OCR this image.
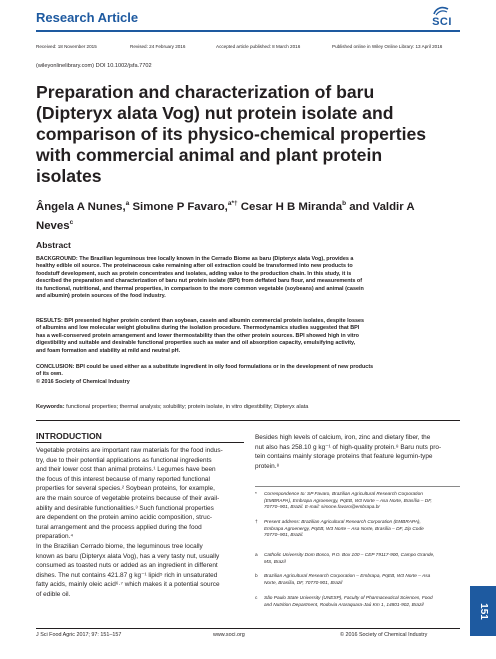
Research Article	SCI
Received: 18 November 2015	Revised: 24 February 2016	Accepted article published: 8 March 2016	Published online in Wiley Online Library: 13 April 2016
(wileyonlinelibrary.com) DOI 10.1002/jsfa.7702
Preparation and characterization of baru
(Dipteryx alata Vog) nut protein isolate and
comparison of its physico-chemical properties
with commercial animal and plant protein
isolates
Ângela A Nunes,$^a$ Simone P Favaro,$^{a*\dagger}$ Cesar H B Miranda$^b$ and Valdir A
Neves$^c$
Abstract
BACKGROUND: The Brazilian leguminous tree locally known in the Cerrado Biome as baru (Dipteryx alata Vog), provides a
healthy edible oil source. The proteinaceous cake remaining after oil extraction could be transformed into new products to
foodstuff development, such as protein concentrates and isolates, adding value to the production chain. In this study, it is
described the preparation and characterization of baru nut protein isolate (BPI) from deffated baru flour, and measurements of
its functional, nutritional, and thermal properties, in comparison to the more common vegetable (soybeans) and animal (casein
and albumin) protein sources of the food industry.
RESULTS: BPI presented higher protein content than soybean, casein and albumin commercial protein isolates, despite losses
of albumins and low molecular weight globulins during the isolation procedure. Thermodynamics studies suggested that BPI
has a well-conserved protein arrangement and lower thermostability than the other protein sources. BPI showed high in vitro
digestibility and suitable and desirable functional properties such as water and oil absorption capacity, emulsifying activity,
and foam formation and stability at mild and neutral pH.
CONCLUSION: BPI could be used either as a substitute ingredient in oily food formulations or in the development of new products
of its own.
© 2016 Society of Chemical Industry
Keywords: functional properties; thermal analysis; solubility; protein isolate, in vitro digestibility; Dipteryx alata
INTRODUCTION
Vegetable proteins are important raw materials for the food indus-
try, due to their potential applications as functional ingredients
and their lower cost than animal proteins.¹ Legumes have been
the focus of this interest because of many reported functional
properties for several species.² Soybean proteins, for example,
are the main source of vegetable proteins because of their avail-
ability and desirable functionalities.³ Such functional properties
are dependent on the protein amino acidic composition, struc-
tural arrangement and the process applied during the food
preparation.⁴
In the Brazilian Cerrado biome, the leguminous tree locally
known as baru (Dipteryx alata Vog), has a very tasty nut, usually
consumed as toasted nuts or added as an ingredient in different
dishes. The nut contains 421.87 g kg⁻¹ lipid⁵ rich in unsaturated
fatty acids, mainly oleic acid⁶·⁷ which makes it a potential source
of edible oil.
Besides high levels of calcium, iron, zinc and dietary fiber, the
nut also has 258.10 g kg⁻¹ of high-quality protein.⁸ Baru nuts pro-
tein contains mainly storage proteins that feature legumin-type
protein.⁸
* Correspondence to: SP Favaro, Brazilian Agricultural Research Corporation
(EMBRAPA), Embrapa Agroenergy, PqEB, W3 Norte – Asa Norte, Brasília – DF,
70770–901, Brazil. E-mail: simone.favaro@embrapa.br
† Present address: Brazilian Agricultural Research Corporation (EMBRAPA),
Embrapa Agroenergy, PqEB, W3 Norte – Asa Norte, Brasília – DF, Zip Code
70770–901, Brazil.
a Catholic University Dom Bosco, P.O. Box 100 – CEP 79117-900, Campo Grande,
MS, Brazil
b Brazilian Agricultural Research Corporation – Embrapa, PqEB, W3 Norte – Asa
Norte, Brasília, DF, 70770-901, Brazil
c São Paulo State University (UNESP), Faculty of Pharmaceutical Sciences, Food
and Nutrition Department, Rodovia Araraquara-Jaú Km 1, 14801-902, Brazil
J Sci Food Agric 2017; 97: 151–157	www.soci.org	© 2016 Society of Chemical Industry
151
